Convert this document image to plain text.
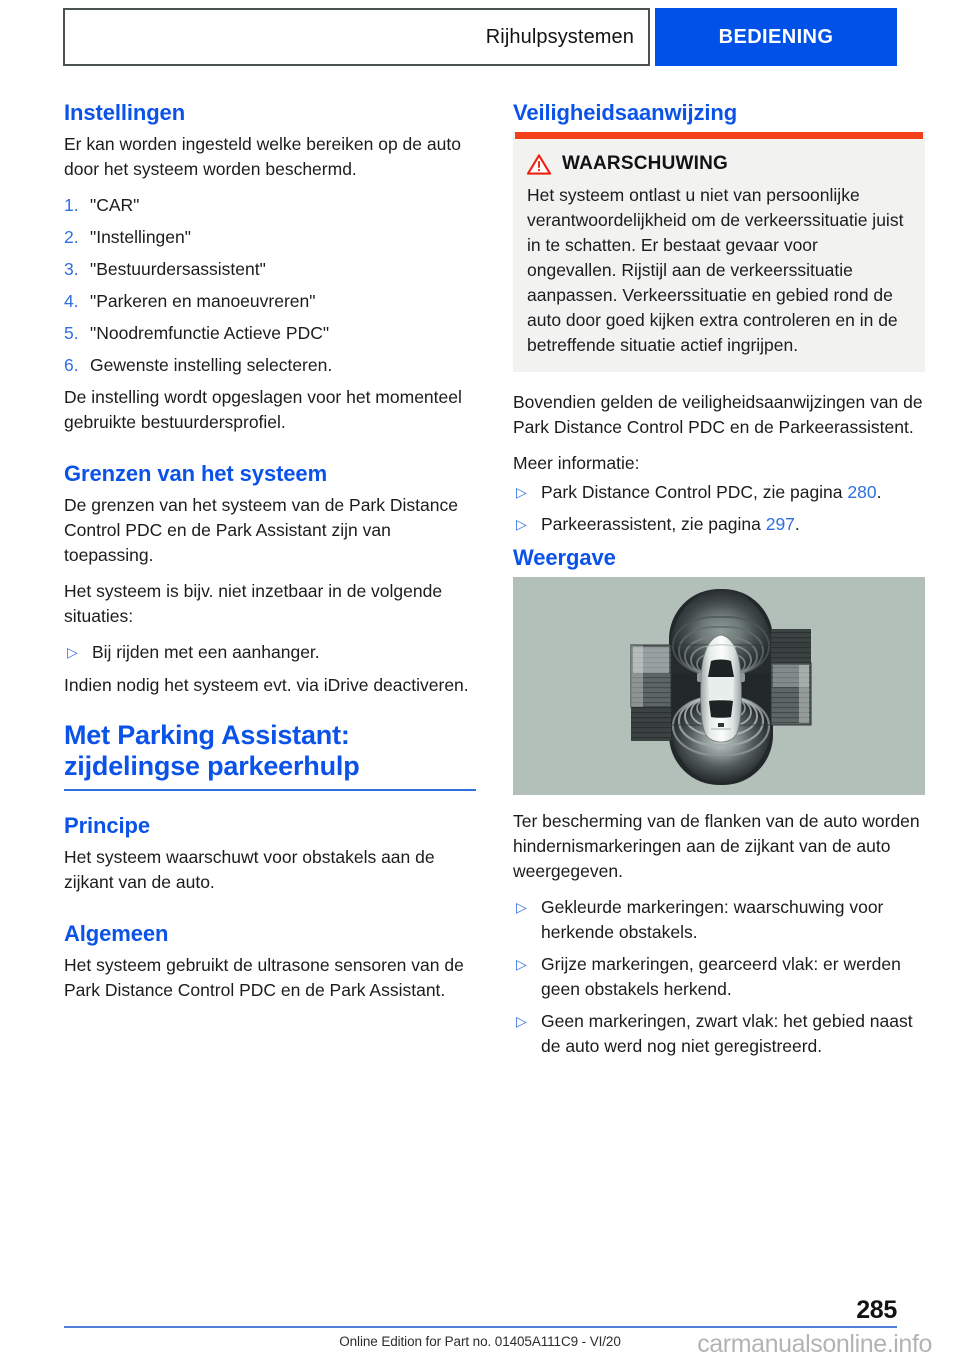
Rijhulpsystemen	BEDIENING
Instellingen

Er kan worden ingesteld welke bereiken op de auto door het systeem worden beschermd.

1. "CAR"
2. "Instellingen"
3. "Bestuurdersassistent"
4. "Parkeren en manoeuvreren"
5. "Noodremfunctie Actieve PDC"
6. Gewenste instelling selecteren.

De instelling wordt opgeslagen voor het momenteel gebruikte bestuurdersprofiel.

Grenzen van het systeem

De grenzen van het systeem van de Park Distance Control PDC en de Park Assistant zijn van toepassing.

Het systeem is bijv. niet inzetbaar in de volgende situaties:

▷ Bij rijden met een aanhanger.

Indien nodig het systeem evt. via iDrive deactiveren.

Met Parking Assistant: zijdelingse parkeerhulp
Principe

Het systeem waarschuwt voor obstakels aan de zijkant van de auto.

Algemeen

Het systeem gebruikt de ultrasone sensoren van de Park Distance Control PDC en de Park Assistant.

Veiligheidsaanwijzing
WAARSCHUWING

Het systeem ontlast u niet van persoonlijke verantwoordelijkheid om de verkeerssituatie juist in te schatten. Er bestaat gevaar voor ongevallen. Rijstijl aan de verkeerssituatie aanpassen. Verkeerssituatie en gebied rond de auto door goed kijken extra controleren en in de betreffende situatie actief ingrijpen.

Bovendien gelden de veiligheidsaanwijzingen van de Park Distance Control PDC en de Parkeerassistent.

Meer informatie:

▷ Park Distance Control PDC, zie pagina 280.
▷ Parkeerassistent, zie pagina 297.
Weergave

Ter bescherming van de flanken van de auto worden hindernismarkeringen aan de zijkant van de auto weergegeven.

▷ Gekleurde markeringen: waarschuwing voor herkende obstakels.
▷ Grijze markeringen, gearceerd vlak: er werden geen obstakels herkend.
▷ Geen markeringen, zwart vlak: het gebied naast de auto werd nog niet geregistreerd.
285
Online Edition for Part no. 01405A111C9 - VI/20	carmanualsonline.info
